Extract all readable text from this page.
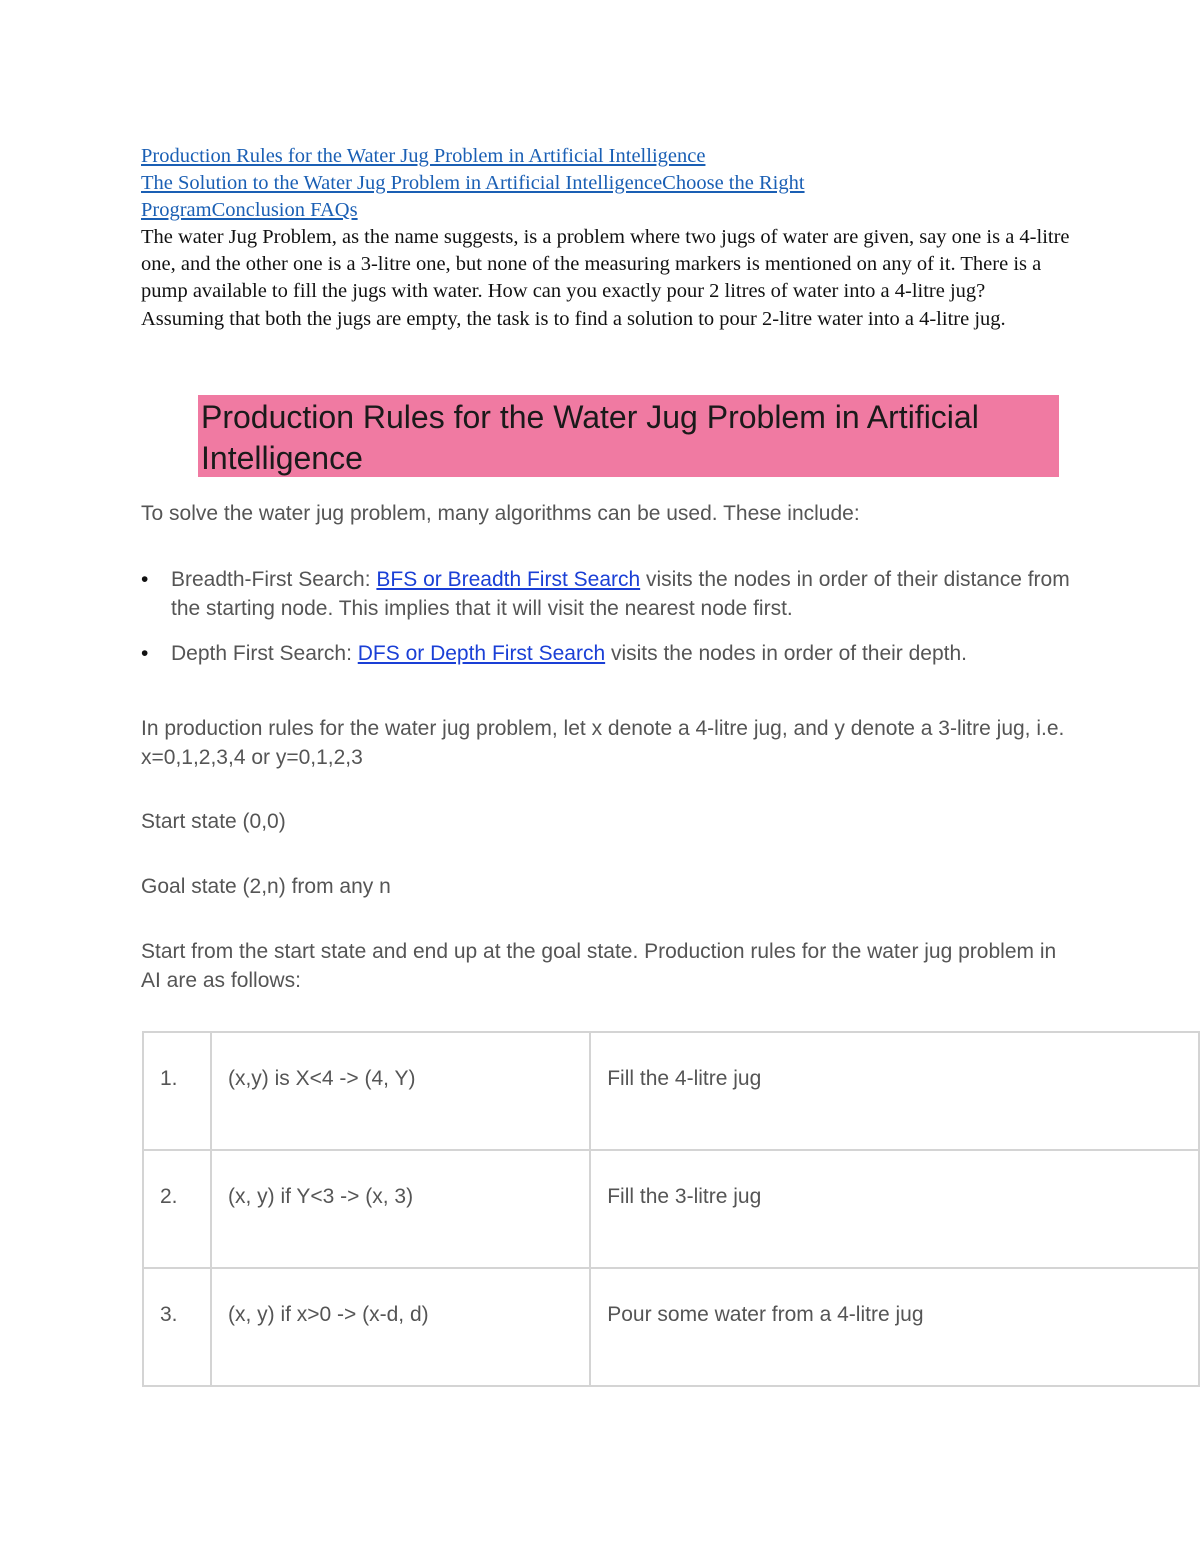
Production Rules for the Water Jug Problem in Artificial Intelligence
The Solution to the Water Jug Problem in Artificial IntelligenceChoose the Right
ProgramConclusion FAQs

The water Jug Problem, as the name suggests, is a problem where two jugs of water are given, say one is a 4-litre one, and the other one is a 3-litre one, but none of the measuring markers is mentioned on any of it. There is a pump available to fill the jugs with water. How can you exactly pour 2 litres of water into a 4-litre jug? Assuming that both the jugs are empty, the task is to find a solution to pour 2-litre water into a 4-litre jug.

Production Rules for the Water Jug Problem in Artificial Intelligence

To solve the water jug problem, many algorithms can be used. These include:

• Breadth-First Search: BFS or Breadth First Search visits the nodes in order of their distance from the starting node. This implies that it will visit the nearest node first.
• Depth First Search: DFS or Depth First Search visits the nodes in order of their depth.

In production rules for the water jug problem, let x denote a 4-litre jug, and y denote a 3-litre jug, i.e. x=0,1,2,3,4 or y=0,1,2,3

Start state (0,0)

Goal state (2,n) from any n

Start from the start state and end up at the goal state. Production rules for the water jug problem in AI are as follows:

1.	(x,y) is X<4 -> (4, Y)	Fill the 4-litre jug
2.	(x, y) if Y<3 -> (x, 3)	Fill the 3-litre jug
3.	(x, y) if x>0 -> (x-d, d)	Pour some water from a 4-litre jug
